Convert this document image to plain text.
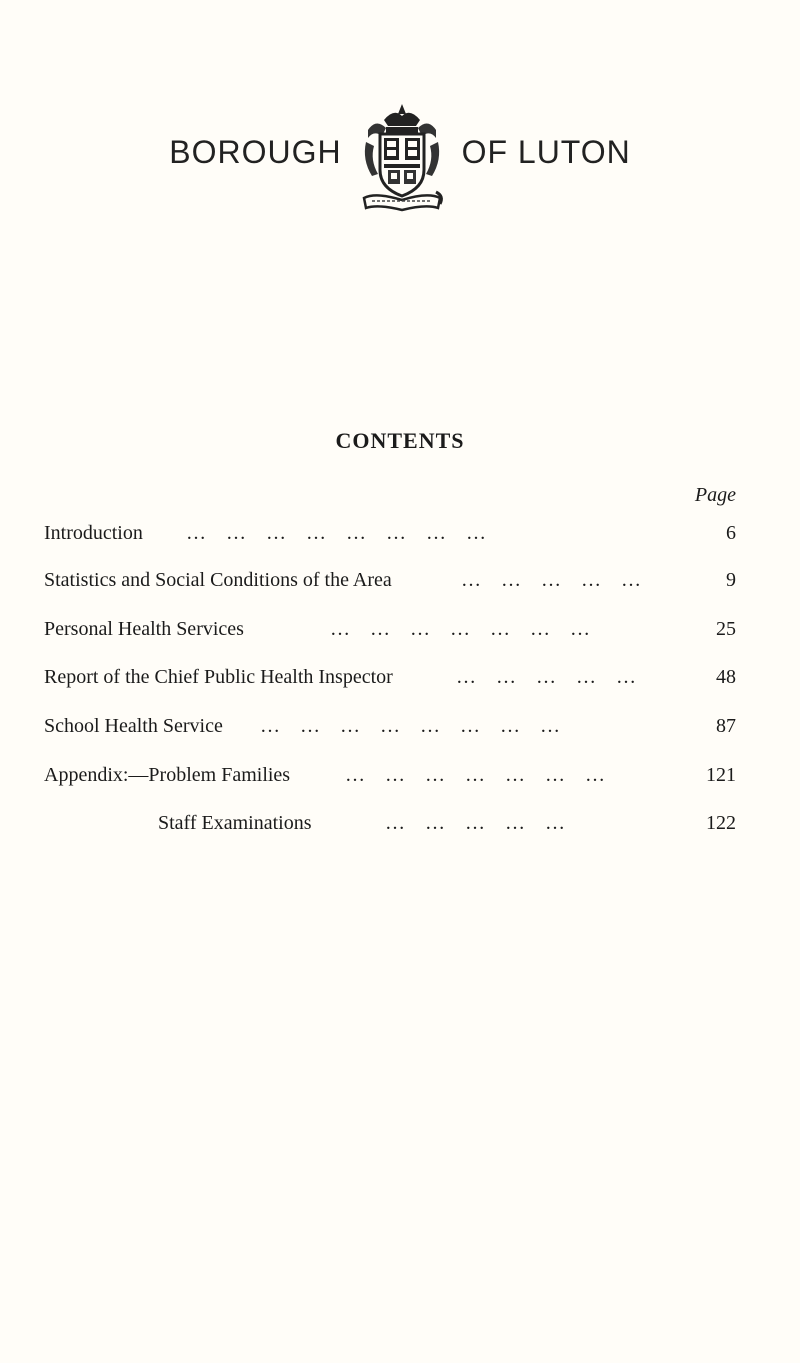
BOROUGH	OF LUTON
CONTENTS
Page
Introduction …    …    …    …    …    …    …    …	6
Statistics and Social Conditions of the Area	…    …    …    …    …	9
Personal Health Services	…    …    …    …    …    …    …	25
Report of the Chief Public Health Inspector	…    …    …    …    …	48
School Health Service …    …    …    …    …    …    …    …	87
Appendix:—Problem Families	…    …    …    …    …    …    …	121
Staff Examinations	…    …    …    …    …	122
